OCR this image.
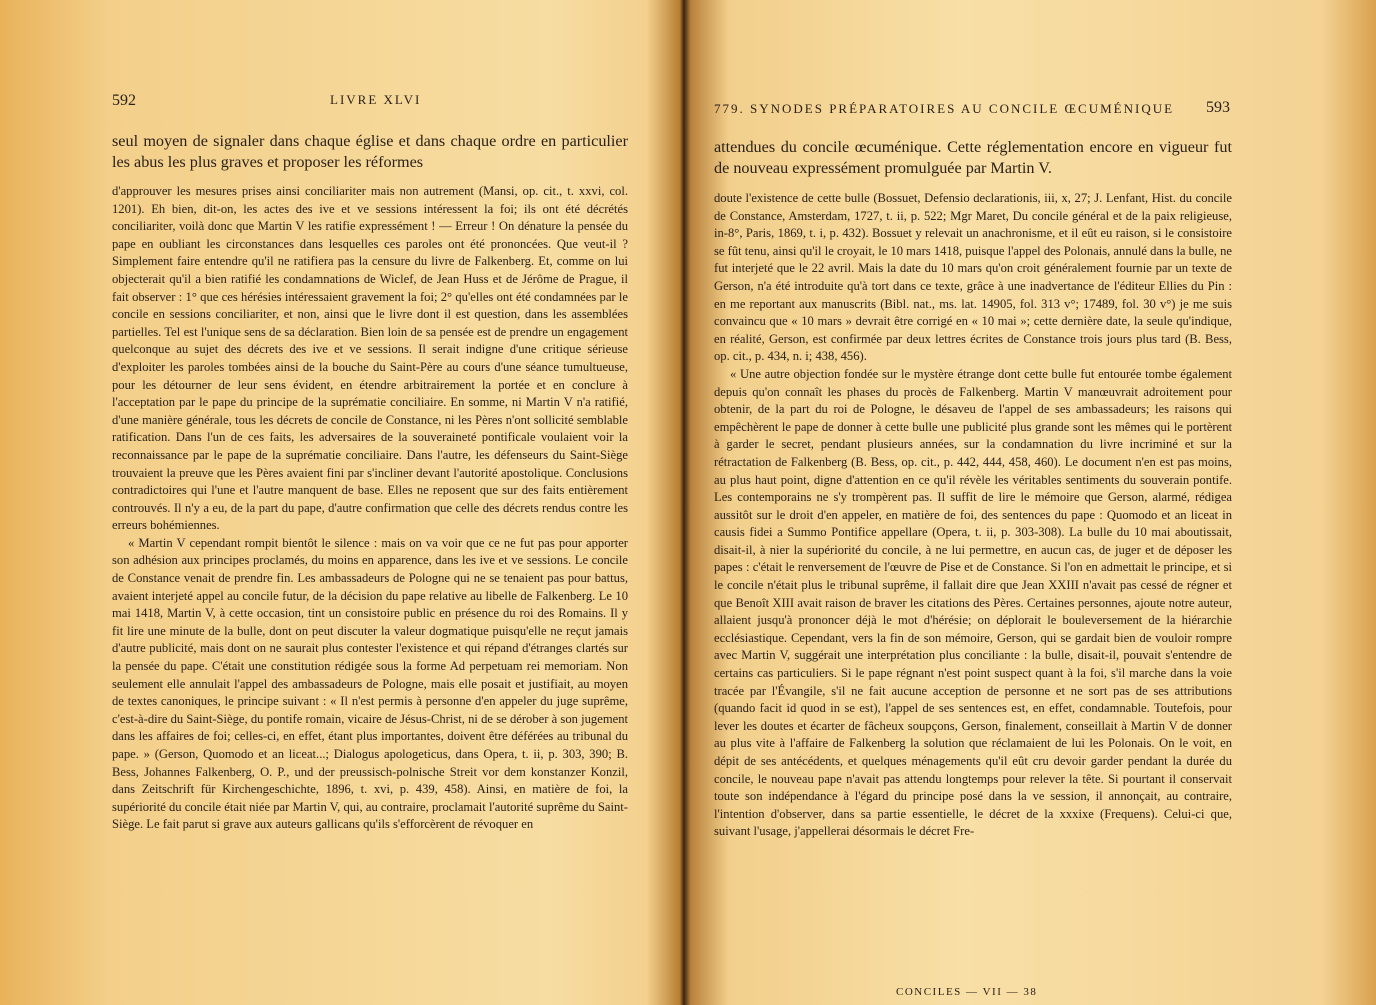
592	LIVRE XLVI
seul moyen de signaler dans chaque église et dans chaque ordre en particulier les abus les plus graves et proposer les réformes

d'approuver les mesures prises ainsi conciliariter mais non autrement (Mansi, op. cit., t. xxvi, col. 1201). Eh bien, dit-on, les actes des ive et ve sessions intéressent la foi; ils ont été décrétés conciliariter, voilà donc que Martin V les ratifie expressément ! — Erreur ! On dénature la pensée du pape en oubliant les circonstances dans lesquelles ces paroles ont été prononcées. Que veut-il ? Simplement faire entendre qu'il ne ratifiera pas la censure du livre de Falkenberg. Et, comme on lui objecterait qu'il a bien ratifié les condamnations de Wiclef, de Jean Huss et de Jérôme de Prague, il fait observer : 1° que ces hérésies intéressaient gravement la foi; 2° qu'elles ont été condamnées par le concile en sessions conciliariter, et non, ainsi que le livre dont il est question, dans les assemblées partielles. Tel est l'unique sens de sa déclaration. Bien loin de sa pensée est de prendre un engagement quelconque au sujet des décrets des ive et ve sessions. Il serait indigne d'une critique sérieuse d'exploiter les paroles tombées ainsi de la bouche du Saint-Père au cours d'une séance tumultueuse, pour les détourner de leur sens évident, en étendre arbitrairement la portée et en conclure à l'acceptation par le pape du principe de la suprématie conciliaire. En somme, ni Martin V n'a ratifié, d'une manière générale, tous les décrets de concile de Constance, ni les Pères n'ont sollicité semblable ratification. Dans l'un de ces faits, les adversaires de la souveraineté pontificale voulaient voir la reconnaissance par le pape de la suprématie conciliaire. Dans l'autre, les défenseurs du Saint-Siège trouvaient la preuve que les Pères avaient fini par s'incliner devant l'autorité apostolique. Conclusions contradictoires qui l'une et l'autre manquent de base. Elles ne reposent que sur des faits entièrement controuvés. Il n'y a eu, de la part du pape, d'autre confirmation que celle des décrets rendus contre les erreurs bohémiennes.

« Martin V cependant rompit bientôt le silence : mais on va voir que ce ne fut pas pour apporter son adhésion aux principes proclamés, du moins en apparence, dans les ive et ve sessions. Le concile de Constance venait de prendre fin. Les ambassadeurs de Pologne qui ne se tenaient pas pour battus, avaient interjeté appel au concile futur, de la décision du pape relative au libelle de Falkenberg. Le 10 mai 1418, Martin V, à cette occasion, tint un consistoire public en présence du roi des Romains. Il y fit lire une minute de la bulle, dont on peut discuter la valeur dogmatique puisqu'elle ne reçut jamais d'autre publicité, mais dont on ne saurait plus contester l'existence et qui répand d'étranges clartés sur la pensée du pape. C'était une constitution rédigée sous la forme Ad perpetuam rei memoriam. Non seulement elle annulait l'appel des ambassadeurs de Pologne, mais elle posait et justifiait, au moyen de textes canoniques, le principe suivant : « Il n'est permis à personne d'en appeler du juge suprême, c'est-à-dire du Saint-Siège, du pontife romain, vicaire de Jésus-Christ, ni de se dérober à son jugement dans les affaires de foi; celles-ci, en effet, étant plus importantes, doivent être déférées au tribunal du pape. » (Gerson, Quomodo et an liceat...; Dialogus apologeticus, dans Opera, t. ii, p. 303, 390; B. Bess, Johannes Falkenberg, O. P., und der preussisch-polnische Streit vor dem konstanzer Konzil, dans Zeitschrift für Kirchengeschichte, 1896, t. xvi, p. 439, 458). Ainsi, en matière de foi, la supériorité du concile était niée par Martin V, qui, au contraire, proclamait l'autorité suprême du Saint-Siège. Le fait parut si grave aux auteurs gallicans qu'ils s'efforcèrent de révoquer en

779. SYNODES PRÉPARATOIRES AU CONCILE ŒCUMÉNIQUE 593
attendues du concile œcuménique. Cette réglementation encore en vigueur fut de nouveau expressément promulguée par Martin V.

doute l'existence de cette bulle (Bossuet, Defensio declarationis, iii, x, 27; J. Lenfant, Hist. du concile de Constance, Amsterdam, 1727, t. ii, p. 522; Mgr Maret, Du concile général et de la paix religieuse, in-8°, Paris, 1869, t. i, p. 432). Bossuet y relevait un anachronisme, et il eût eu raison, si le consistoire se fût tenu, ainsi qu'il le croyait, le 10 mars 1418, puisque l'appel des Polonais, annulé dans la bulle, ne fut interjeté que le 22 avril. Mais la date du 10 mars qu'on croit généralement fournie par un texte de Gerson, n'a été introduite qu'à tort dans ce texte, grâce à une inadvertance de l'éditeur Ellies du Pin : en me reportant aux manuscrits (Bibl. nat., ms. lat. 14905, fol. 313 v°; 17489, fol. 30 v°) je me suis convaincu que « 10 mars » devrait être corrigé en « 10 mai »; cette dernière date, la seule qu'indique, en réalité, Gerson, est confirmée par deux lettres écrites de Constance trois jours plus tard (B. Bess, op. cit., p. 434, n. i; 438, 456).

« Une autre objection fondée sur le mystère étrange dont cette bulle fut entourée tombe également depuis qu'on connaît les phases du procès de Falkenberg. Martin V manœuvrait adroitement pour obtenir, de la part du roi de Pologne, le désaveu de l'appel de ses ambassadeurs; les raisons qui empêchèrent le pape de donner à cette bulle une publicité plus grande sont les mêmes qui le portèrent à garder le secret, pendant plusieurs années, sur la condamnation du livre incriminé et sur la rétractation de Falkenberg (B. Bess, op. cit., p. 442, 444, 458, 460). Le document n'en est pas moins, au plus haut point, digne d'attention en ce qu'il révèle les véritables sentiments du souverain pontife. Les contemporains ne s'y trompèrent pas. Il suffit de lire le mémoire que Gerson, alarmé, rédigea aussitôt sur le droit d'en appeler, en matière de foi, des sentences du pape : Quomodo et an liceat in causis fidei a Summo Pontifice appellare (Opera, t. ii, p. 303-308). La bulle du 10 mai aboutissait, disait-il, à nier la supériorité du concile, à ne lui permettre, en aucun cas, de juger et de déposer les papes : c'était le renversement de l'œuvre de Pise et de Constance. Si l'on en admettait le principe, et si le concile n'était plus le tribunal suprême, il fallait dire que Jean XXIII n'avait pas cessé de régner et que Benoît XIII avait raison de braver les citations des Pères. Certaines personnes, ajoute notre auteur, allaient jusqu'à prononcer déjà le mot d'hérésie; on déplorait le bouleversement de la hiérarchie ecclésiastique. Cependant, vers la fin de son mémoire, Gerson, qui se gardait bien de vouloir rompre avec Martin V, suggérait une interprétation plus conciliante : la bulle, disait-il, pouvait s'entendre de certains cas particuliers. Si le pape régnant n'est point suspect quant à la foi, s'il marche dans la voie tracée par l'Évangile, s'il ne fait aucune acception de personne et ne sort pas de ses attributions (quando facit id quod in se est), l'appel de ses sentences est, en effet, condamnable. Toutefois, pour lever les doutes et écarter de fâcheux soupçons, Gerson, finalement, conseillait à Martin V de donner au plus vite à l'affaire de Falkenberg la solution que réclamaient de lui les Polonais. On le voit, en dépit de ses antécédents, et quelques ménagements qu'il eût cru devoir garder pendant la durée du concile, le nouveau pape n'avait pas attendu longtemps pour relever la tête. Si pourtant il conservait toute son indépendance à l'égard du principe posé dans la ve session, il annonçait, au contraire, l'intention d'observer, dans sa partie essentielle, le décret de la xxxixe (Frequens). Celui-ci que, suivant l'usage, j'appellerai désormais le décret Fre-

CONCILES — VII — 38
